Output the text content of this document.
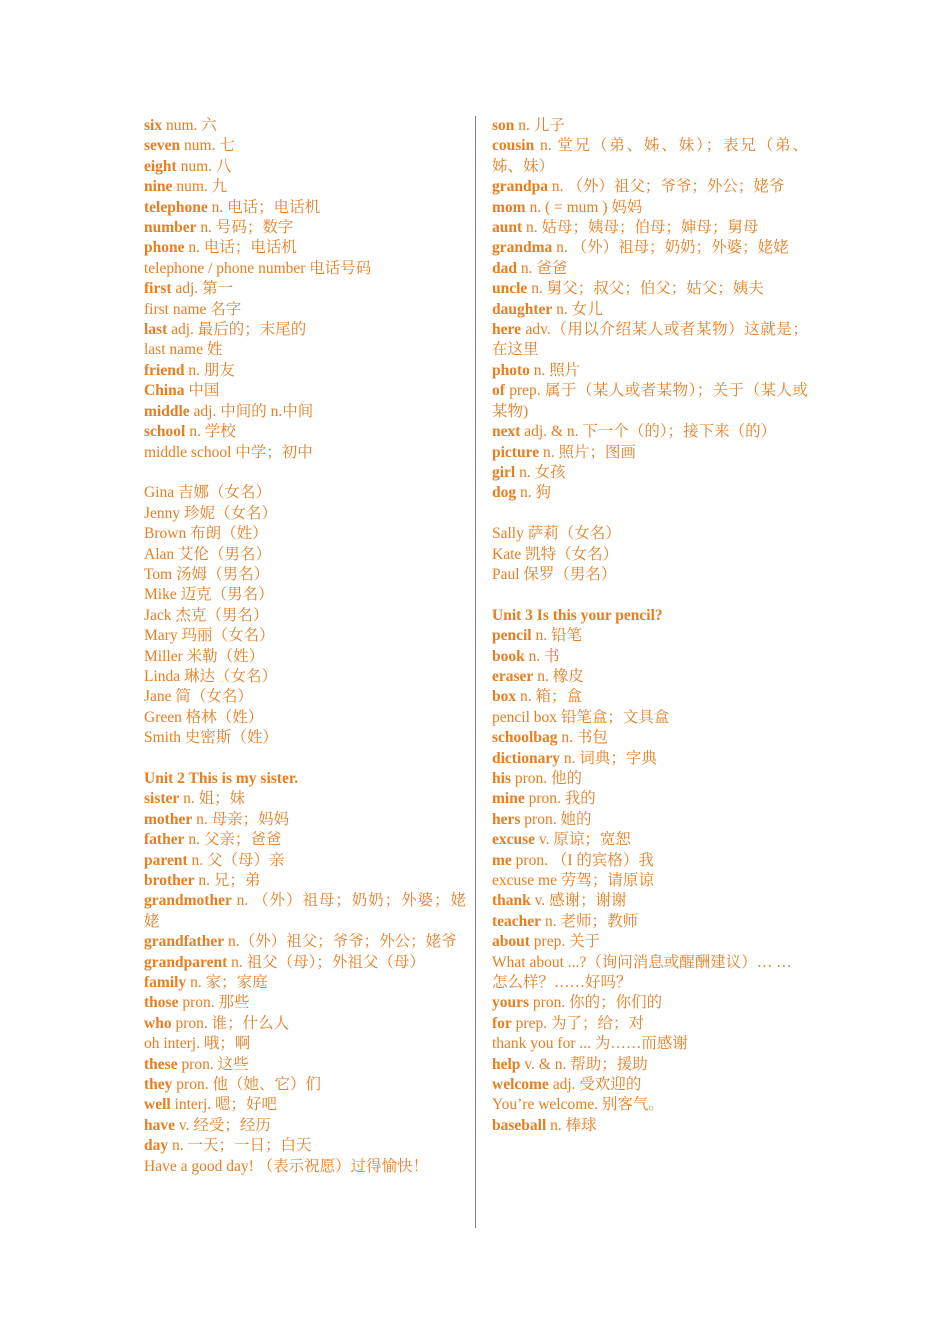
six num. 六
seven num. 七
eight num. 八
nine num. 九
telephone n. 电话；电话机
number n. 号码；数字
phone n. 电话；电话机
telephone / phone number 电话号码
first adj. 第一
first name 名字
last adj. 最后的；末尾的
last name 姓
friend n. 朋友
China 中国
middle adj. 中间的 n.中间
school n. 学校
middle school 中学；初中
Gina 吉娜（女名）
Jenny 珍妮（女名）
Brown 布朗（姓）
Alan 艾伦（男名）
Tom 汤姆（男名）
Mike 迈克（男名）
Jack 杰克（男名）
Mary 玛丽（女名）
Miller 米勒（姓）
Linda 琳达（女名）
Jane 简（女名）
Green 格林（姓）
Smith 史密斯（姓）
Unit 2 This is my sister.
sister n. 姐；妹
mother n. 母亲；妈妈
father n. 父亲；爸爸
parent n. 父（母）亲
brother n. 兄；弟
grandmother n. （外）祖母；奶奶；外婆；姥姥
grandfather n.（外）祖父；爷爷；外公；姥爷
grandparent n. 祖父（母）；外祖父（母）
family n. 家；家庭
those pron. 那些
who pron. 谁；什么人
oh interj. 哦；啊
these pron. 这些
they pron. 他（她、它）们
well interj. 嗯；好吧
have v. 经受；经历
day n. 一天；一日；白天
Have a good day! （表示祝愿）过得愉快！
son n. 儿子
cousin n. 堂兄（弟、姊、妹）；表兄（弟、姊、妹）
grandpa n. （外）祖父；爷爷；外公；姥爷
mom n. ( = mum ) 妈妈
aunt n. 姑母；姨母；伯母；婶母；舅母
grandma n. （外）祖母；奶奶；外婆；姥姥
dad n. 爸爸
uncle n. 舅父；叔父；伯父；姑父；姨夫
daughter n. 女儿
here adv.（用以介绍某人或者某物）这就是；在这里
photo n. 照片
of prep. 属于（某人或者某物）；关于（某人或某物)
next adj. & n. 下一个（的）；接下来（的）
picture n. 照片；图画
girl n. 女孩
dog n. 狗
Sally 萨莉（女名）
Kate 凯特（女名）
Paul 保罗（男名）
Unit 3 Is this your pencil?
pencil n. 铅笔
book n. 书
eraser n. 橡皮
box n. 箱；盒
pencil box 铅笔盒；文具盒
schoolbag n. 书包
dictionary n. 词典；字典
his pron. 他的
mine pron. 我的
hers pron. 她的
excuse v. 原谅；宽恕
me pron. （I 的宾格）我
excuse me 劳驾；请原谅
thank v. 感谢；谢谢
teacher n. 老师；教师
about prep. 关于
What about ...?（询问消息或醒酬建议）… …
怎么样？……好吗？
yours pron. 你的；你们的
for prep. 为了；给；对
thank you for ... 为……而感谢
help v. & n. 帮助；援助
welcome adj. 受欢迎的
You’re welcome. 别客气。
baseball n. 棒球
